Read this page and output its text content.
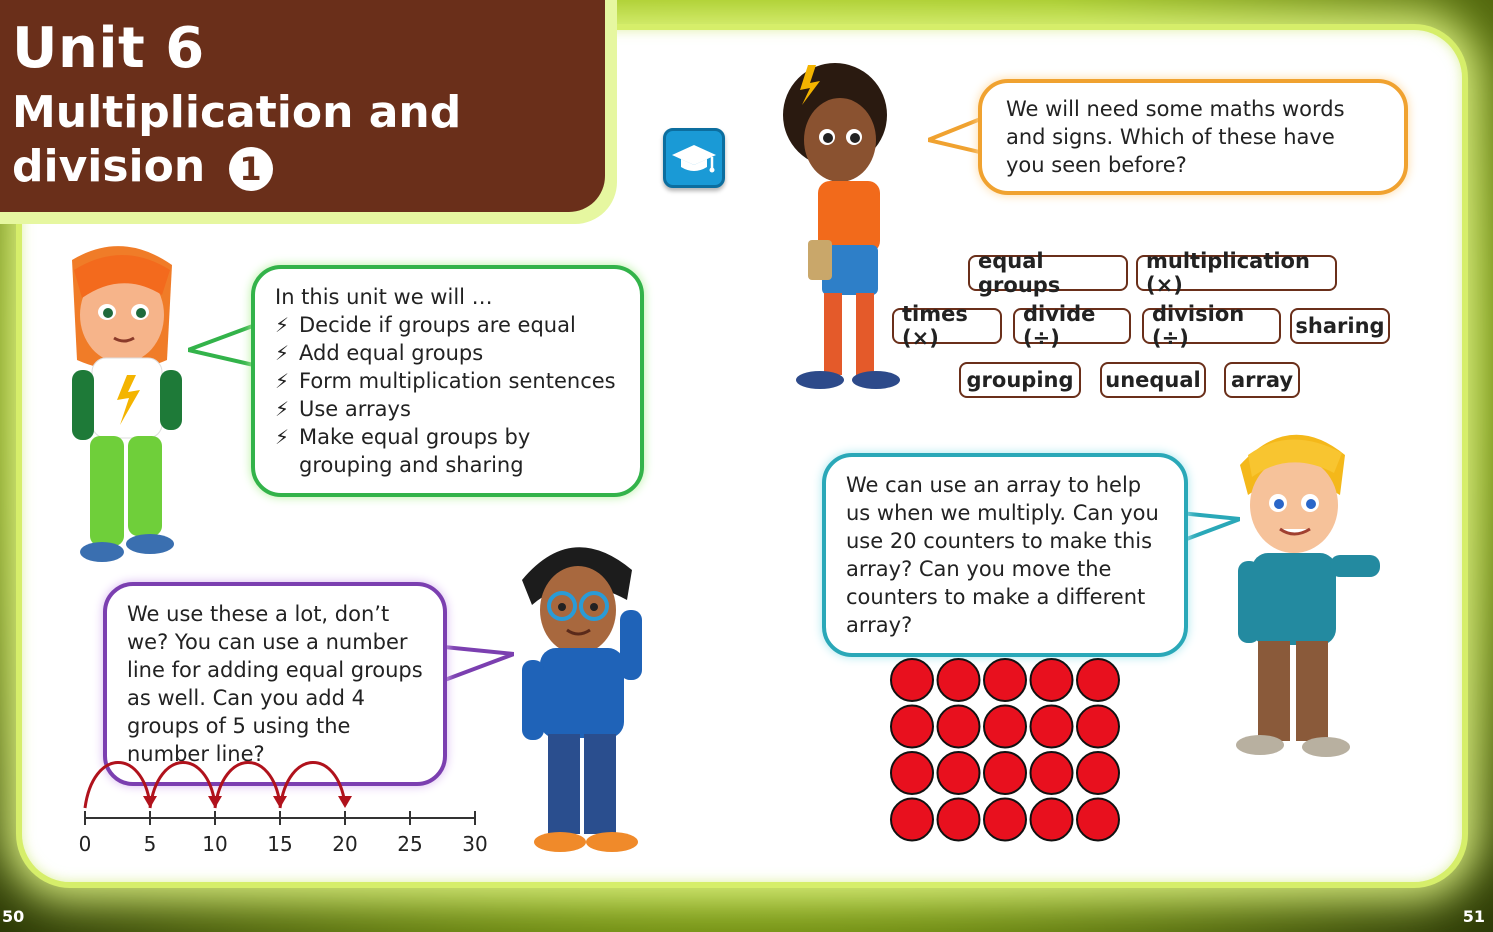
Unit 6
Multiplication and division 1
In this unit we will …
⚡ Decide if groups are equal
⚡ Add equal groups
⚡ Form multiplication sentences
⚡ Use arrays
⚡ Make equal groups by grouping and sharing
We will need some maths words and signs. Which of these have you seen before?
equal groups
multiplication (×)
times (×)
divide (÷)
division (÷)	sharing
grouping	unequal	array
We use these a lot, don’t we? You can use a number line for adding equal groups as well. Can you add 4 groups of 5 using the number line?
We can use an array to help us when we multiply. Can you use 20 counters to make this array? Can you move the counters to make a different array?
0	5 10 15 20 25 30
50	51
